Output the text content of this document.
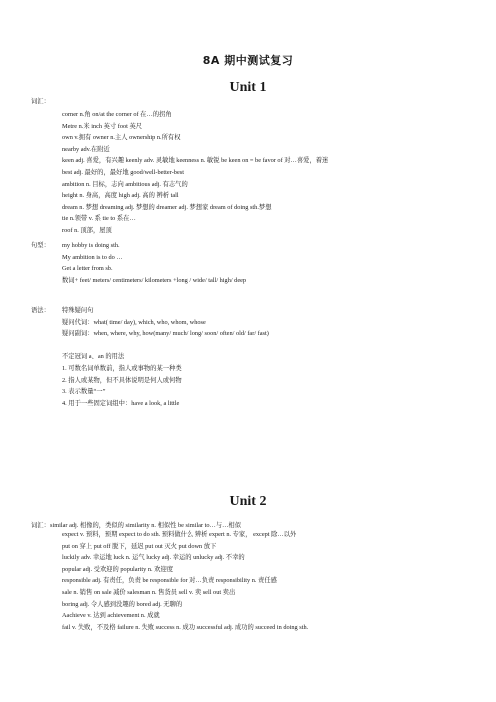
8A 期中测试复习
Unit 1
词汇：
corner n.角 on/at the corner of 在…的拐角
Metre n.米 inch 英寸 foot 英尺
own v.拥有 owner n.主人 ownership n.所有权
nearby adv.在附近
keen adj. 喜爱，有兴趣 keenly adv. 灵敏地 keenness n. 敏锐 be keen on = be favor of 对…喜爱，着迷
best adj. 最好的，最好地 good/well-better-best
ambition n. 目标，志向 ambitious adj. 有志气的
height n. 身高，高度 high adj. 高的 辨析 tall
dream n. 梦想 dreaming adj. 梦想的 dreamer adj. 梦想家 dream of doing sth.梦想
tie n.领带 v. 系 tie to 系在…
roof n. 顶部，屋顶
句型： my hobby is doing sth.
My ambition is to do …
Get a letter from sb.
数词+ feet/ meters/ centimeters/ kilometers +long / wide/ tall/ high/ deep
语法： 特殊疑问句
疑问代词：what( time/ day), which, who, whom, whose
疑问副词：when, where, why, how(many/ much/ long/ soon/ often/ old/ far/ fast)
不定冠词 a、an 的用法
1. 可数名词单数前，指人或事物的某一种类
2. 指人或某物，但不具体说明是何人或何物
3. 表示数量“一”
4. 用于一些固定词组中：have a look, a little
Unit 2
词汇： similar adj. 相像的，类似的 similarity n. 相似性 be similar to…与…相似
expect v. 预料，预期 expect to do sth. 预料做什么 辨析 expert n. 专家， except 除…以外
put on 穿上 put off 脱下，延迟 put out 灭火 put down 放下
luckily adv. 幸运地 luck n. 运气 lucky adj. 幸运的 unlucky adj. 不幸的
popular adj. 受欢迎的 popularity n. 欢迎度
responsible adj. 有责任，负责 be responsible for 对…负责 responsibility n. 责任感
sale n. 销售 on sale 减价 salesman n. 售货员 sell v. 卖 sell out 卖出
boring adj. 令人感到没趣的 bored adj. 无聊的
Aachieve v. 达到 achievement n. 成就
fail v. 失败，不及格 failure n. 失败 success n. 成功 successful adj. 成功的 succeed in doing sth.
